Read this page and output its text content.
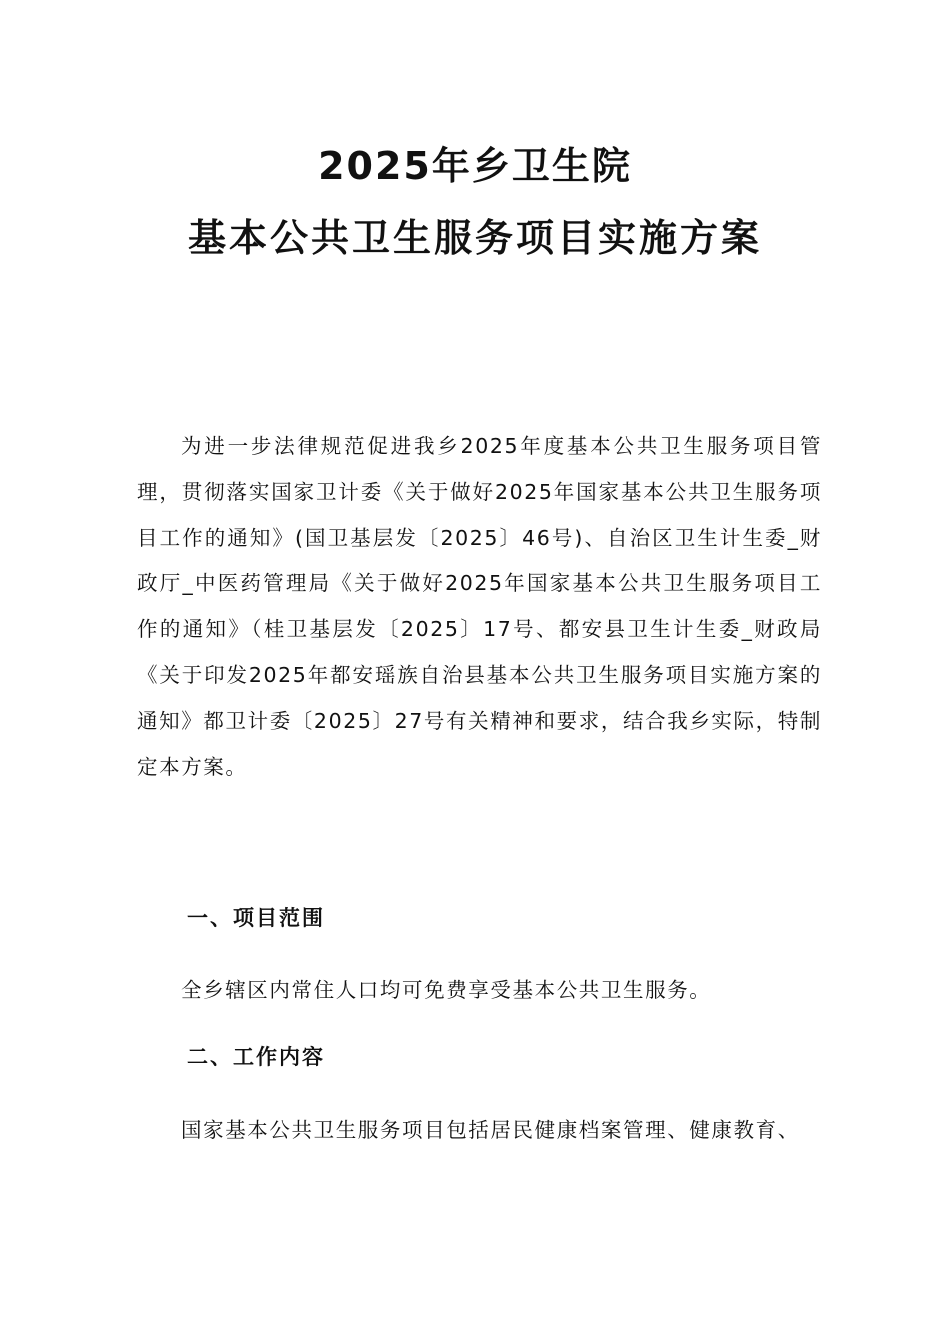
2025年乡卫生院
基本公共卫生服务项目实施方案
为进一步法律规范促进我乡2025年度基本公共卫生服务项目管理，贯彻落实国家卫计委《关于做好2025年国家基本公共卫生服务项目工作的通知》(国卫基层发〔2025〕46号)、自治区卫生计生委_财政厅_中医药管理局《关于做好2025年国家基本公共卫生服务项目工作的通知》（桂卫基层发〔2025〕17号、都安县卫生计生委_财政局《关于印发2025年都安瑶族自治县基本公共卫生服务项目实施方案的通知》都卫计委〔2025〕27号有关精神和要求，结合我乡实际，特制定本方案。
一、项目范围
全乡辖区内常住人口均可免费享受基本公共卫生服务。
二、工作内容
国家基本公共卫生服务项目包括居民健康档案管理、健康教育、
